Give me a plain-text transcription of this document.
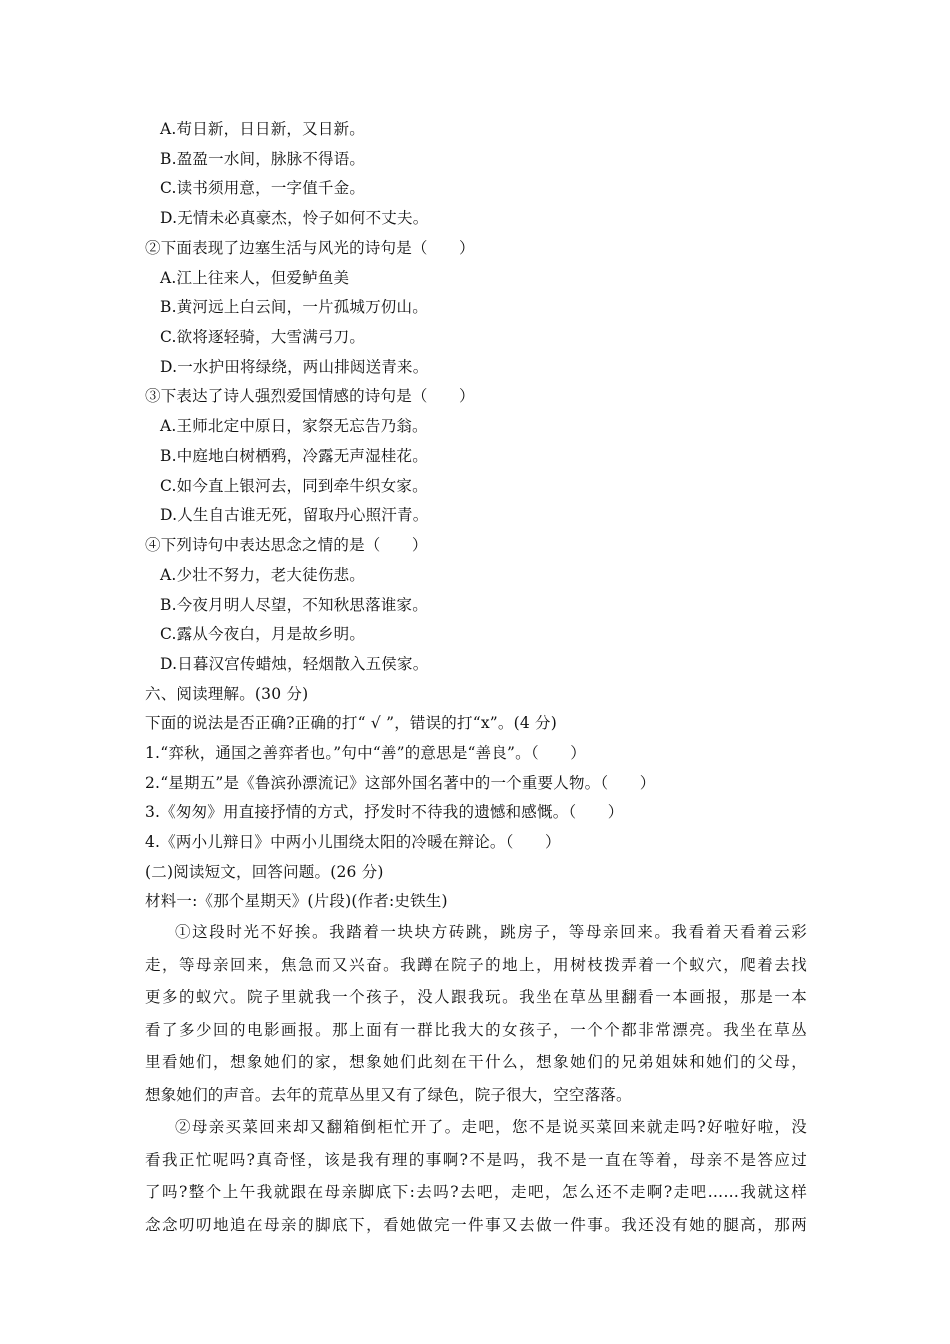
A.苟日新，日日新，又日新。
B.盈盈一水间，脉脉不得语。
C.读书须用意，一字值千金。
D.无情未必真豪杰，怜子如何不丈夫。
②下面表现了边塞生活与风光的诗句是（　　）
A.江上往来人，但爱鲈鱼美
B.黄河远上白云间，一片孤城万仞山。
C.欲将逐轻骑，大雪满弓刀。
D.一水护田将绿绕，两山排闼送青来。
③下表达了诗人强烈爱国情感的诗句是（　　）
A.王师北定中原日，家祭无忘告乃翁。
B.中庭地白树栖鸦，冷露无声湿桂花。
C.如今直上银河去，同到牵牛织女家。
D.人生自古谁无死，留取丹心照汗青。
④下列诗句中表达思念之情的是（　　）
A.少壮不努力，老大徒伤悲。
B.今夜月明人尽望，不知秋思落谁家。
C.露从今夜白，月是故乡明。
D.日暮汉宫传蜡烛，轻烟散入五侯家。
六、阅读理解。(30 分)
下面的说法是否正确?正确的打“ √ ”，错误的打“x”。(4 分)
1.“弈秋，通国之善弈者也。”句中“善”的意思是“善良”。（　　）
2.“星期五”是《鲁滨孙漂流记》这部外国名著中的一个重要人物。（　　）
3.《匆匆》用直接抒情的方式，抒发时不待我的遗憾和感慨。（　　）
4.《两小儿辩日》中两小儿围绕太阳的冷暖在辩论。（　　）
(二)阅读短文，回答问题。(26 分)
材料一:《那个星期天》(片段)(作者:史铁生)
①这段时光不好挨。我踏着一块块方砖跳，跳房子，等母亲回来。我看着天看着云彩
走，等母亲回来，焦急而又兴奋。我蹲在院子的地上，用树枝拨弄着一个蚁穴，爬着去找
更多的蚁穴。院子里就我一个孩子，没人跟我玩。我坐在草丛里翻看一本画报，那是一本
看了多少回的电影画报。那上面有一群比我大的女孩子，一个个都非常漂亮。我坐在草丛
里看她们，想象她们的家，想象她们此刻在干什么，想象她们的兄弟姐妹和她们的父母，
想象她们的声音。去年的荒草丛里又有了绿色，院子很大，空空落落。
②母亲买菜回来却又翻箱倒柜忙开了。走吧，您不是说买菜回来就走吗?好啦好啦，没
看我正忙呢吗?真奇怪，该是我有理的事啊?不是吗，我不是一直在等着，母亲不是答应过
了吗?整个上午我就跟在母亲脚底下:去吗?去吧，走吧，怎么还不走啊?走吧……我就这样
念念叨叨地追在母亲的脚底下，看她做完一件事又去做一件事。我还没有她的腿高，那两
